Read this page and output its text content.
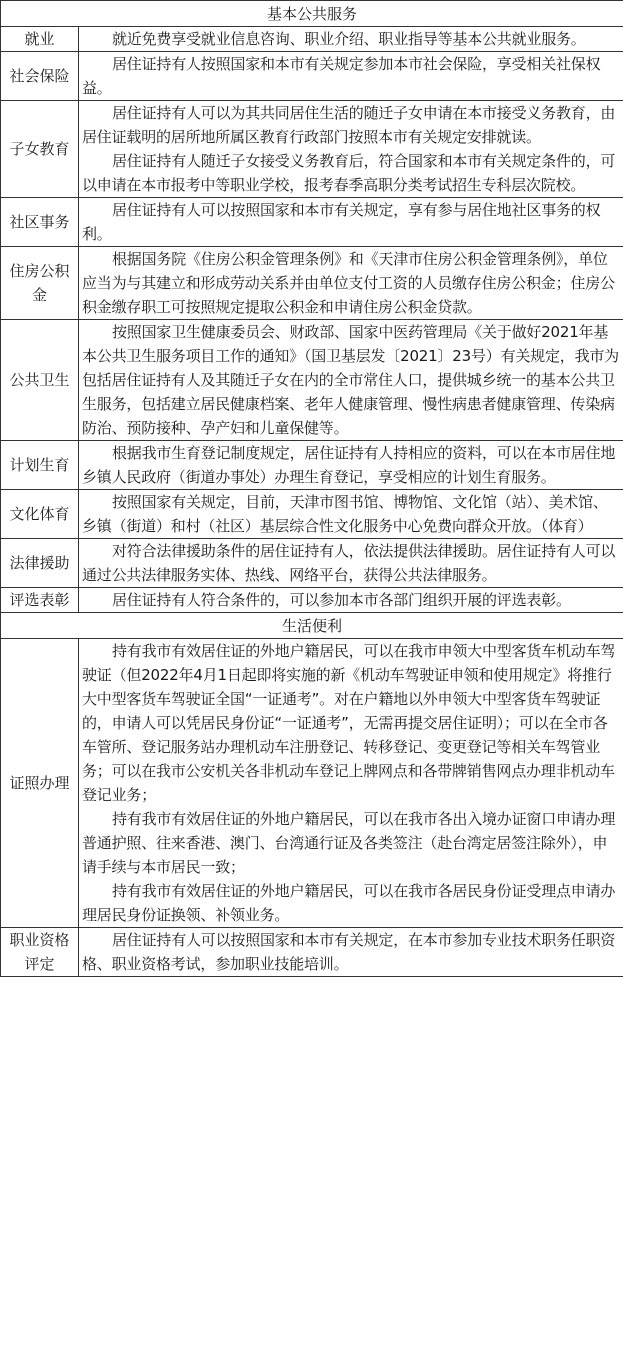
基本公共服务	
就业	就近免费享受就业信息咨询、职业介绍、职业指导等基本公共就业服务。

社会保险	居住证持有人按照国家和本市有关规定参加本市社会保险，享受相关社保权益。

子女教育	居住证持有人可以为其共同居住生活的随迁子女申请在本市接受义务教育，由居住证载明的居所地所属区教育行政部门按照本市有关规定安排就读。

居住证持有人随迁子女接受义务教育后，符合国家和本市有关规定条件的，可以申请在本市报考中等职业学校，报考春季高职分类考试招生专科层次院校。

社区事务	居住证持有人可以按照国家和本市有关规定，享有参与居住地社区事务的权利。

住房公积金	根据国务院《住房公积金管理条例》和《天津市住房公积金管理条例》，单位应当为与其建立和形成劳动关系并由单位支付工资的人员缴存住房公积金；住房公积金缴存职工可按照规定提取公积金和申请住房公积金贷款。

公共卫生	按照国家卫生健康委员会、财政部、国家中医药管理局《关于做好2021年基本公共卫生服务项目工作的通知》（国卫基层发〔2021〕23号）有关规定，我市为包括居住证持有人及其随迁子女在内的全市常住人口，提供城乡统一的基本公共卫生服务，包括建立居民健康档案、老年人健康管理、慢性病患者健康管理、传染病防治、预防接种、孕产妇和儿童保健等。

计划生育	根据我市生育登记制度规定，居住证持有人持相应的资料，可以在本市居住地乡镇人民政府（街道办事处）办理生育登记，享受相应的计划生育服务。

文化体育	按照国家有关规定，目前，天津市图书馆、博物馆、文化馆（站）、美术馆、乡镇（街道）和村（社区）基层综合性文化服务中心免费向群众开放。（体育）

法律援助	对符合法律援助条件的居住证持有人，依法提供法律援助。居住证持有人可以通过公共法律服务实体、热线、网络平台，获得公共法律服务。

评选表彰	居住证持有人符合条件的，可以参加本市各部门组织开展的评选表彰。

生活便利	
证照办理	持有我市有效居住证的外地户籍居民，可以在我市申领大中型客货车机动车驾驶证（但2022年4月1日起即将实施的新《机动车驾驶证申领和使用规定》将推行大中型客货车驾驶证全国“一证通考”。对在户籍地以外申领大中型客货车驾驶证的，申请人可以凭居民身份证“一证通考”，无需再提交居住证明）；可以在全市各车管所、登记服务站办理机动车注册登记、转移登记、变更登记等相关车驾管业务；可以在我市公安机关各非机动车登记上牌网点和各带牌销售网点办理非机动车登记业务；

持有我市有效居住证的外地户籍居民，可以在我市各出入境办证窗口申请办理普通护照、往来香港、澳门、台湾通行证及各类签注（赴台湾定居签注除外），申请手续与本市居民一致；

持有我市有效居住证的外地户籍居民，可以在我市各居民身份证受理点申请办理居民身份证换领、补领业务。

职业资格评定	居住证持有人可以按照国家和本市有关规定，在本市参加专业技术职务任职资格、职业资格考试，参加职业技能培训。
